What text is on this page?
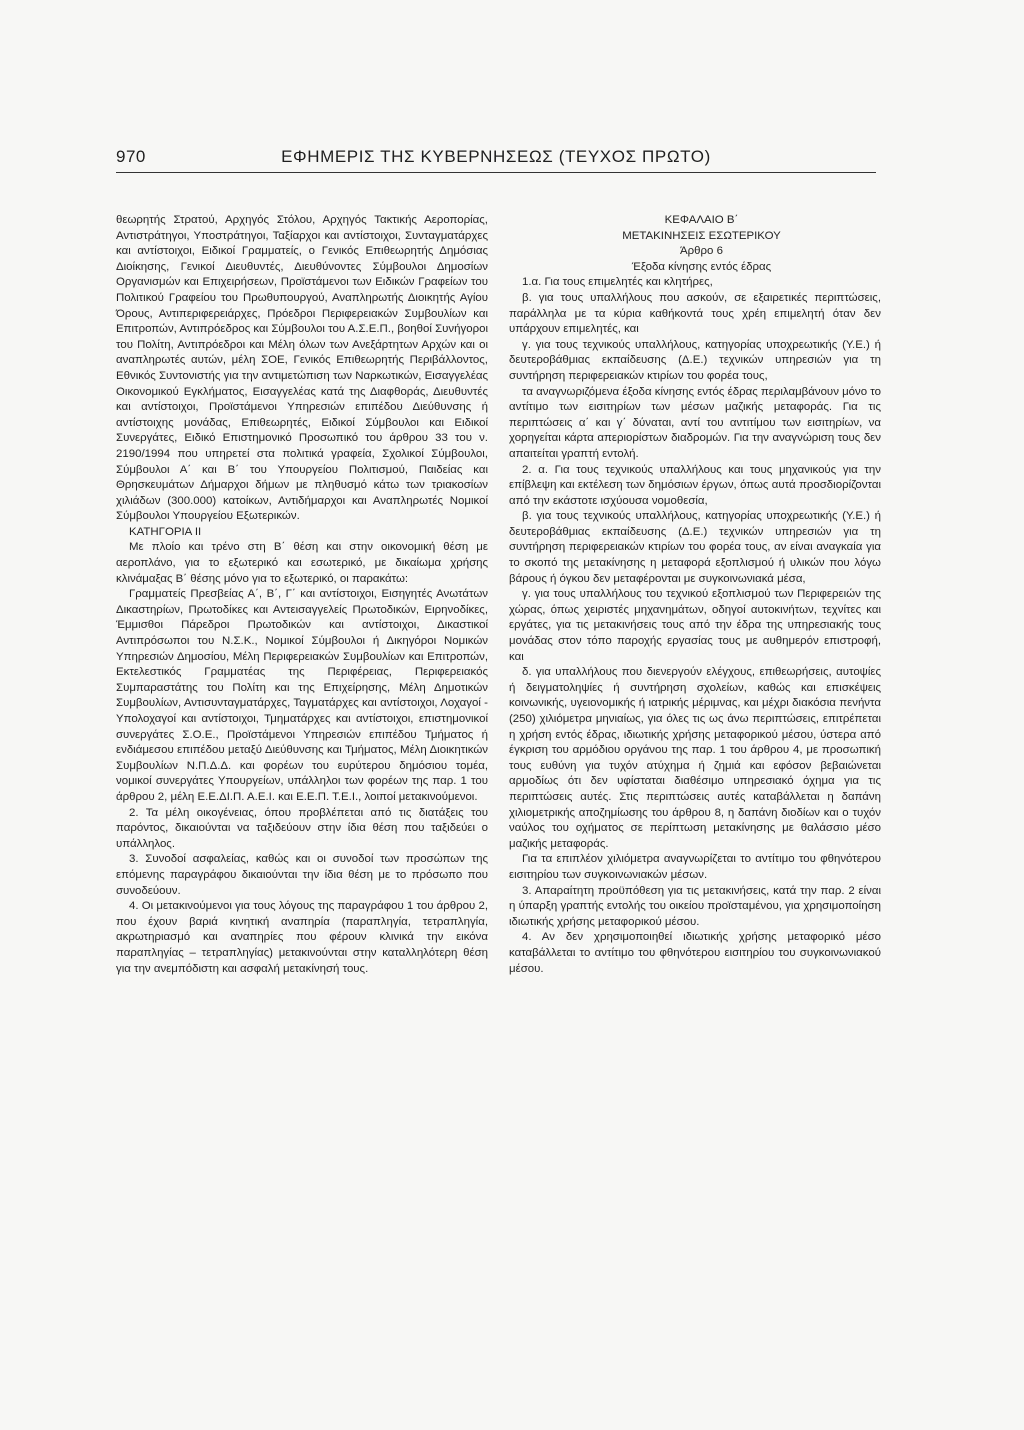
970	ΕΦΗΜΕΡΙΣ ΤΗΣ ΚΥΒΕΡΝΗΣΕΩΣ (ΤΕΥΧΟΣ ΠΡΩΤΟ)

θεωρητής Στρατού, Αρχηγός Στόλου, Αρχηγός Τακτικής Αεροπορίας, Αντιστράτηγοι, Υποστράτηγοι, Ταξίαρχοι και αντίστοιχοι, Συνταγματάρχες και αντίστοιχοι, Ειδικοί Γραμματείς, ο Γενικός Επιθεωρητής Δημόσιας Διοίκησης, Γενικοί Διευθυντές, Διευθύνοντες Σύμβουλοι Δημοσίων Οργανισμών και Επιχειρήσεων, Προϊστάμενοι των Ειδικών Γραφείων του Πολιτικού Γραφείου του Πρωθυπουργού, Αναπληρωτής Διοικητής Αγίου Όρους, Αντιπεριφερειάρχες, Πρόεδροι Περιφερειακών Συμβουλίων και Επιτροπών, Αντιπρόεδρος και Σύμβουλοι του Α.Σ.Ε.Π., βοηθοί Συνήγοροι του Πολίτη, Αντιπρόεδροι και Μέλη όλων των Ανεξάρτητων Αρχών και οι αναπληρωτές αυτών, μέλη ΣΟΕ, Γενικός Επιθεωρητής Περιβάλλοντος, Εθνικός Συντονιστής για την αντιμετώπιση των Ναρκωτικών, Εισαγγελέας Οικονομικού Εγκλήματος, Εισαγγελέας κατά της Διαφθοράς, Διευθυντές και αντίστοιχοι, Προϊστάμενοι Υπηρεσιών επιπέδου Διεύθυνσης ή αντίστοιχης μονάδας, Επιθεωρητές, Ειδικοί Σύμβουλοι και Ειδικοί Συνεργάτες, Ειδικό Επιστημονικό Προσωπικό του άρθρου 33 του ν. 2190/1994 που υπηρετεί στα πολιτικά γραφεία, Σχολικοί Σύμβουλοι, Σύμβουλοι Α΄ και Β΄ του Υπουργείου Πολιτισμού, Παιδείας και Θρησκευμάτων Δήμαρχοι δήμων με πληθυσμό κάτω των τριακοσίων χιλιάδων (300.000) κατοίκων, Αντιδήμαρχοι και Αναπληρωτές Νομικοί Σύμβουλοι Υπουργείου Εξωτερικών.

ΚΑΤΗΓΟΡΙΑ ΙΙ

Με πλοίο και τρένο στη Β΄ θέση και στην οικονομική θέση με αεροπλάνο, για το εξωτερικό και εσωτερικό, με δικαίωμα χρήσης κλινάμαξας Β΄ θέσης μόνο για το εξωτερικό, οι παρακάτω:

Γραμματείς Πρεσβείας Α΄, Β΄, Γ΄ και αντίστοιχοι, Εισηγητές Ανωτάτων Δικαστηρίων, Πρωτοδίκες και Αντεισαγγελείς Πρωτοδικών, Ειρηνοδίκες, Έμμισθοι Πάρεδροι Πρωτοδικών και αντίστοιχοι, Δικαστικοί Αντιπρόσωποι του Ν.Σ.Κ., Νομικοί Σύμβουλοι ή Δικηγόροι Νομικών Υπηρεσιών Δημοσίου, Μέλη Περιφερειακών Συμβουλίων και Επιτροπών, Εκτελεστικός Γραμματέας της Περιφέρειας, Περιφερειακός Συμπαραστάτης του Πολίτη και της Επιχείρησης, Μέλη Δημοτικών Συμβουλίων, Αντισυνταγματάρχες, Ταγματάρχες και αντίστοιχοι, Λοχαγοί - Υπολοχαγοί και αντίστοιχοι, Τμηματάρχες και αντίστοιχοι, επιστημονικοί συνεργάτες Σ.Ο.Ε., Προϊστάμενοι Υπηρεσιών επιπέδου Τμήματος ή ενδιάμεσου επιπέδου μεταξύ Διεύθυνσης και Τμήματος, Μέλη Διοικητικών Συμβουλίων Ν.Π.Δ.Δ. και φορέων του ευρύτερου δημόσιου τομέα, νομικοί συνεργάτες Υπουργείων, υπάλληλοι των φορέων της παρ. 1 του άρθρου 2, μέλη Ε.Ε.ΔΙ.Π. Α.Ε.Ι. και Ε.Ε.Π. Τ.Ε.Ι., λοιποί μετακινούμενοι.

2. Τα μέλη οικογένειας, όπου προβλέπεται από τις διατάξεις του παρόντος, δικαιούνται να ταξιδεύουν στην ίδια θέση που ταξιδεύει ο υπάλληλος.

3. Συνοδοί ασφαλείας, καθώς και οι συνοδοί των προσώπων της επόμενης παραγράφου δικαιούνται την ίδια θέση με το πρόσωπο που συνοδεύουν.

4. Οι μετακινούμενοι για τους λόγους της παραγράφου 1 του άρθρου 2, που έχουν βαριά κινητική αναπηρία (παραπληγία, τετραπληγία, ακρωτηριασμό και αναπηρίες που φέρουν κλινικά την εικόνα παραπληγίας – τετραπληγίας) μετακινούνται στην καταλληλότερη θέση για την ανεμπόδιστη και ασφαλή μετακίνησή τους.

ΚΕΦΑΛΑΙΟ Β΄

ΜΕΤΑΚΙΝΗΣΕΙΣ ΕΣΩΤΕΡΙΚΟΥ

Άρθρο 6

Έξοδα κίνησης εντός έδρας

1.α. Για τους επιμελητές και κλητήρες,

β. για τους υπαλλήλους που ασκούν, σε εξαιρετικές περιπτώσεις, παράλληλα με τα κύρια καθήκοντά τους χρέη επιμελητή όταν δεν υπάρχουν επιμελητές, και

γ. για τους τεχνικούς υπαλλήλους, κατηγορίας υποχρεωτικής (Υ.Ε.) ή δευτεροβάθμιας εκπαίδευσης (Δ.Ε.) τεχνικών υπηρεσιών για τη συντήρηση περιφερειακών κτιρίων του φορέα τους,

τα αναγνωριζόμενα έξοδα κίνησης εντός έδρας περιλαμβάνουν μόνο το αντίτιμο των εισιτηρίων των μέσων μαζικής μεταφοράς. Για τις περιπτώσεις α΄ και γ΄ δύναται, αντί του αντιτίμου των εισιτηρίων, να χορηγείται κάρτα απεριορίστων διαδρομών. Για την αναγνώριση τους δεν απαιτείται γραπτή εντολή.

2. α. Για τους τεχνικούς υπαλλήλους και τους μηχανικούς για την επίβλεψη και εκτέλεση των δημόσιων έργων, όπως αυτά προσδιορίζονται από την εκάστοτε ισχύουσα νομοθεσία,

β. για τους τεχνικούς υπαλλήλους, κατηγορίας υποχρεωτικής (Υ.Ε.) ή δευτεροβάθμιας εκπαίδευσης (Δ.Ε.) τεχνικών υπηρεσιών για τη συντήρηση περιφερειακών κτιρίων του φορέα τους, αν είναι αναγκαία για το σκοπό της μετακίνησης η μεταφορά εξοπλισμού ή υλικών που λόγω βάρους ή όγκου δεν μεταφέρονται με συγκοινωνιακά μέσα,

γ. για τους υπαλλήλους του τεχνικού εξοπλισμού των Περιφερειών της χώρας, όπως χειριστές μηχανημάτων, οδηγοί αυτοκινήτων, τεχνίτες και εργάτες, για τις μετακινήσεις τους από την έδρα της υπηρεσιακής τους μονάδας στον τόπο παροχής εργασίας τους με αυθημερόν επιστροφή, και

δ. για υπαλλήλους που διενεργούν ελέγχους, επιθεωρήσεις, αυτοψίες ή δειγματοληψίες ή συντήρηση σχολείων, καθώς και επισκέψεις κοινωνικής, υγειονομικής ή ιατρικής μέριμνας, και μέχρι διακόσια πενήντα (250) χιλιόμετρα μηνιαίως, για όλες τις ως άνω περιπτώσεις, επιτρέπεται η χρήση εντός έδρας, ιδιωτικής χρήσης μεταφορικού μέσου, ύστερα από έγκριση του αρμόδιου οργάνου της παρ. 1 του άρθρου 4, με προσωπική τους ευθύνη για τυχόν ατύχημα ή ζημιά και εφόσον βεβαιώνεται αρμοδίως ότι δεν υφίσταται διαθέσιμο υπηρεσιακό όχημα για τις περιπτώσεις αυτές. Στις περιπτώσεις αυτές καταβάλλεται η δαπάνη χιλιομετρικής αποζημίωσης του άρθρου 8, η δαπάνη διοδίων και ο τυχόν ναύλος του οχήματος σε περίπτωση μετακίνησης με θαλάσσιο μέσο μαζικής μεταφοράς.

Για τα επιπλέον χιλιόμετρα αναγνωρίζεται το αντίτιμο του φθηνότερου εισιτηρίου των συγκοινωνιακών μέσων.

3. Απαραίτητη προϋπόθεση για τις μετακινήσεις, κατά την παρ. 2 είναι η ύπαρξη γραπτής εντολής του οικείου προϊσταμένου, για χρησιμοποίηση ιδιωτικής χρήσης μεταφορικού μέσου.

4. Αν δεν χρησιμοποιηθεί ιδιωτικής χρήσης μεταφορικό μέσο καταβάλλεται το αντίτιμο του φθηνότερου εισιτηρίου του συγκοινωνιακού μέσου.
